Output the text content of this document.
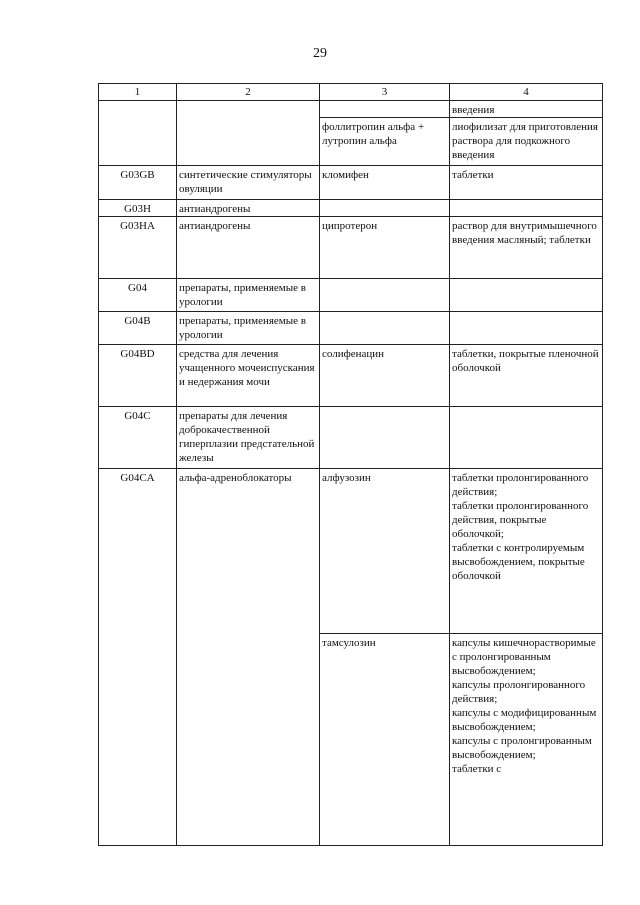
29
1	2	3	4
			введения
		фоллитропин альфа + лутропин альфа	лиофилизат для приготовления раствора для подкожного введения
G03GB	синтетические стимуляторы овуляции	кломифен	таблетки
G03H	антиандрогены		
G03HA	антиандрогены	ципротерон	раствор для внутримышечного введения масляный; таблетки
G04	препараты, применяемые в урологии		
G04B	препараты, применяемые в урологии		
G04BD	средства для лечения учащенного мочеиспускания и недержания мочи	солифенацин	таблетки, покрытые пленочной оболочкой
G04C	препараты для лечения доброкачественной гиперплазии предстательной железы		
G04CA	альфа-адреноблокаторы	алфузозин	таблетки пролонгированного действия;
таблетки пролонгированного действия, покрытые оболочкой;
таблетки с контролируемым высвобождением, покрытые оболочкой

		тамсулозин	капсулы кишечнорастворимые с пролонгированным высвобождением;
капсулы пролонгированного действия;
капсулы с модифицированным высвобождением;
капсулы с пролонгированным высвобождением;
таблетки с
